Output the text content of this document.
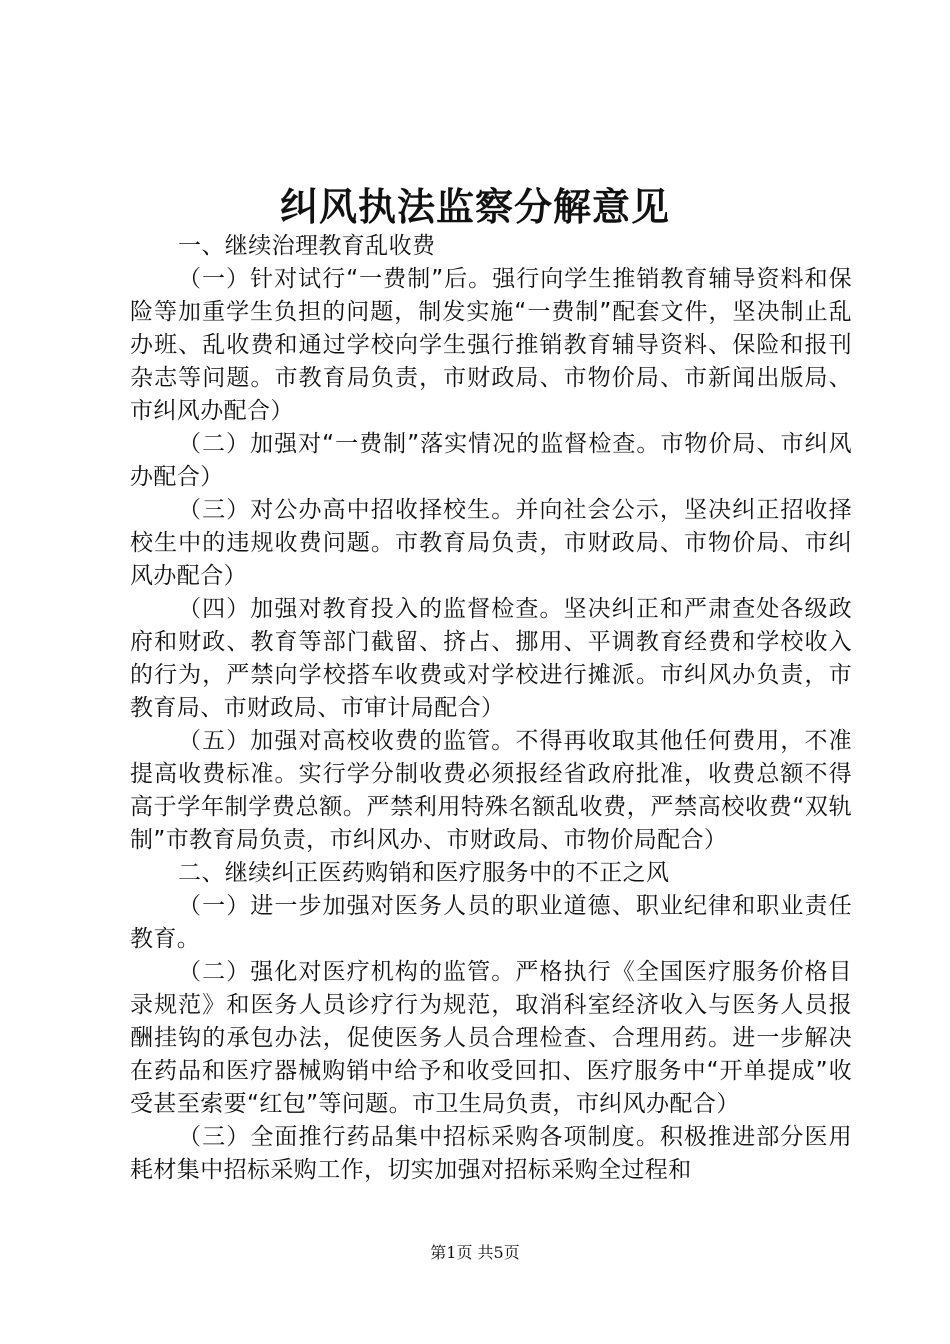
纠风执法监察分解意见

一、继续治理教育乱收费

（一）针对试行“一费制”后。强行向学生推销教育辅导资料和保险等加重学生负担的问题，制发实施“一费制”配套文件，坚决制止乱办班、乱收费和通过学校向学生强行推销教育辅导资料、保险和报刊杂志等问题。市教育局负责，市财政局、市物价局、市新闻出版局、市纠风办配合）

（二）加强对“一费制”落实情况的监督检查。市物价局、市纠风办配合）

（三）对公办高中招收择校生。并向社会公示，坚决纠正招收择校生中的违规收费问题。市教育局负责，市财政局、市物价局、市纠风办配合）

（四）加强对教育投入的监督检查。坚决纠正和严肃查处各级政府和财政、教育等部门截留、挤占、挪用、平调教育经费和学校收入的行为，严禁向学校搭车收费或对学校进行摊派。市纠风办负责，市教育局、市财政局、市审计局配合）

（五）加强对高校收费的监管。不得再收取其他任何费用，不准提高收费标准。实行学分制收费必须报经省政府批准，收费总额不得高于学年制学费总额。严禁利用特殊名额乱收费，严禁高校收费“双轨制”市教育局负责，市纠风办、市财政局、市物价局配合）

二、继续纠正医药购销和医疗服务中的不正之风

（一）进一步加强对医务人员的职业道德、职业纪律和职业责任教育。

（二）强化对医疗机构的监管。严格执行《全国医疗服务价格目录规范》和医务人员诊疗行为规范，取消科室经济收入与医务人员报酬挂钩的承包办法，促使医务人员合理检查、合理用药。进一步解决在药品和医疗器械购销中给予和收受回扣、医疗服务中“开单提成”收受甚至索要“红包”等问题。市卫生局负责，市纠风办配合）

（三）全面推行药品集中招标采购各项制度。积极推进部分医用耗材集中招标采购工作，切实加强对招标采购全过程和

第1页 共5页
